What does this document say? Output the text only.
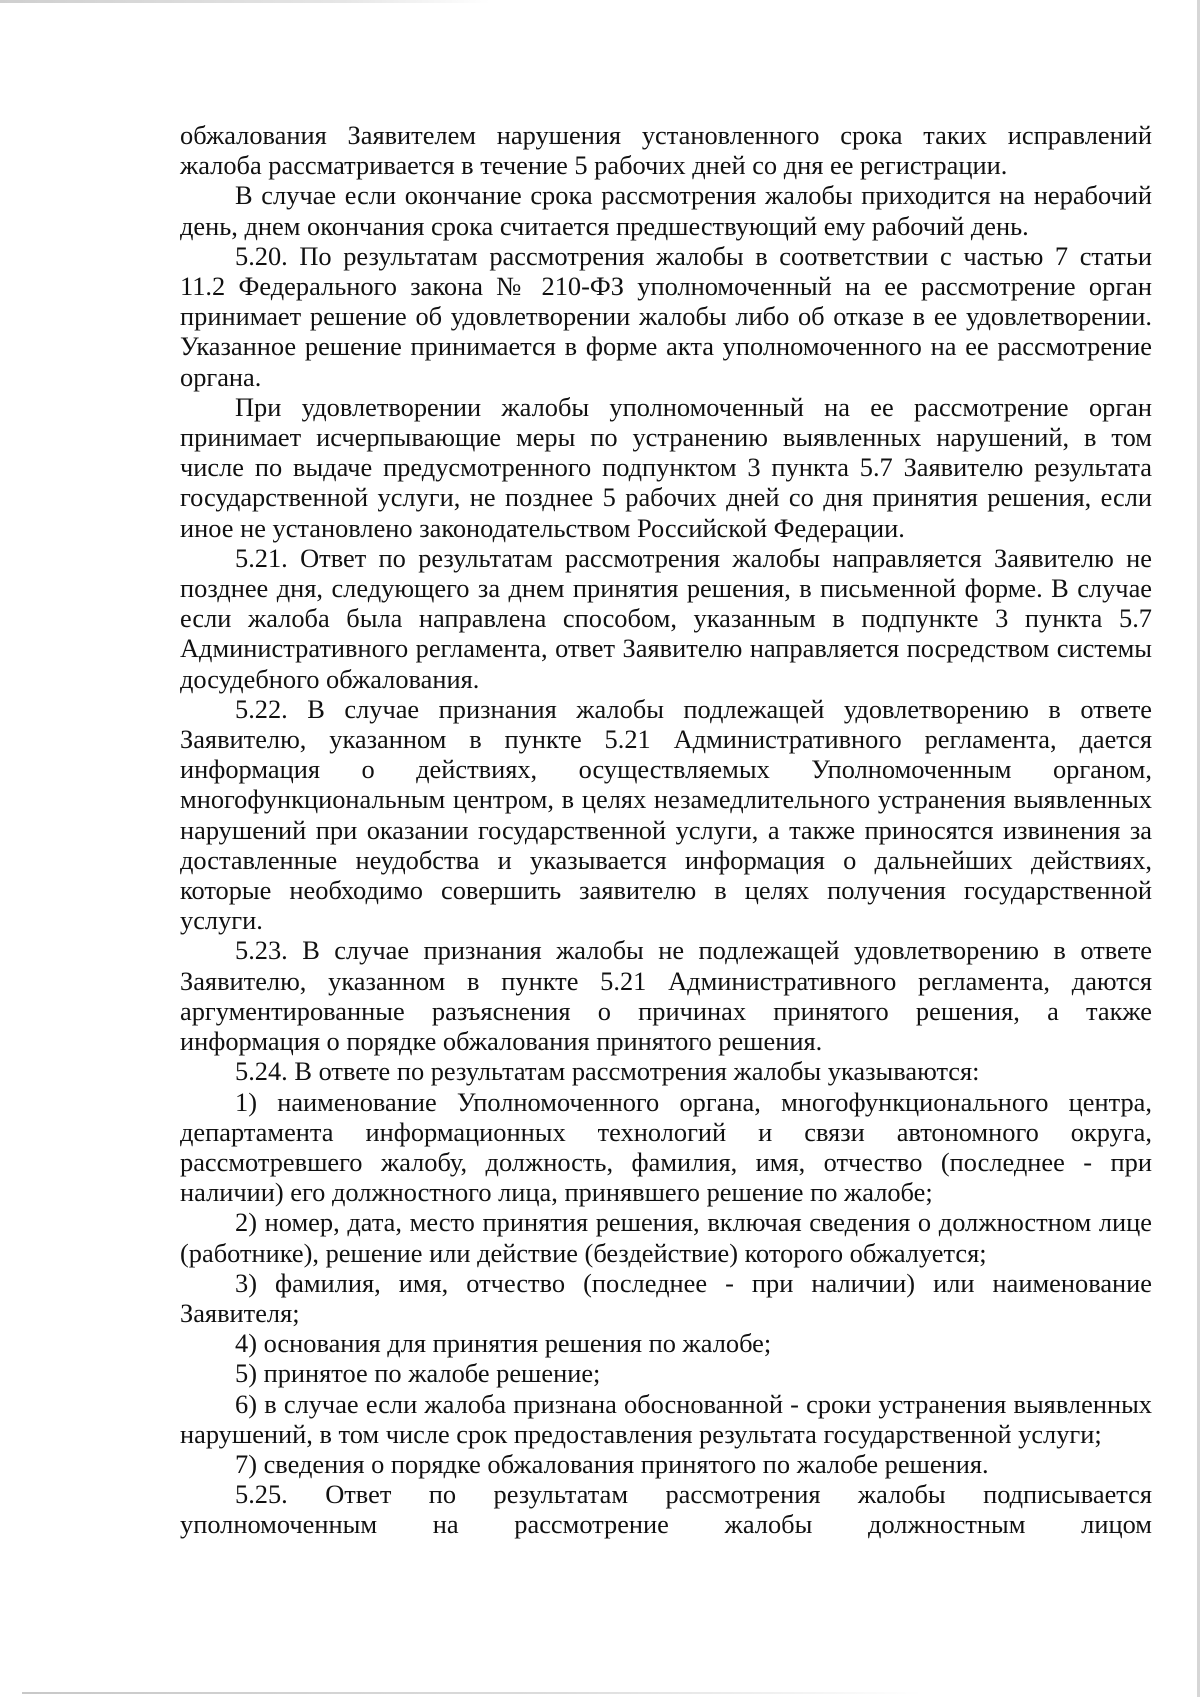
обжалования Заявителем нарушения установленного срока таких исправлений жалоба рассматривается в течение 5 рабочих дней со дня ее регистрации.

В случае если окончание срока рассмотрения жалобы приходится на нерабочий день, днем окончания срока считается предшествующий ему рабочий день.

5.20. По результатам рассмотрения жалобы в соответствии с частью 7 статьи 11.2 Федерального закона № 210-ФЗ уполномоченный на ее рассмотрение орган принимает решение об удовлетворении жалобы либо об отказе в ее удовлетворении. Указанное решение принимается в форме акта уполномоченного на ее рассмотрение органа.

При удовлетворении жалобы уполномоченный на ее рассмотрение орган принимает исчерпывающие меры по устранению выявленных нарушений, в том числе по выдаче предусмотренного подпунктом 3 пункта 5.7 Заявителю результата государственной услуги, не позднее 5 рабочих дней со дня принятия решения, если иное не установлено законодательством Российской Федерации.

5.21. Ответ по результатам рассмотрения жалобы направляется Заявителю не позднее дня, следующего за днем принятия решения, в письменной форме. В случае если жалоба была направлена способом, указанным в подпункте 3 пункта 5.7 Административного регламента, ответ Заявителю направляется посредством системы досудебного обжалования.

5.22. В случае признания жалобы подлежащей удовлетворению в ответе Заявителю, указанном в пункте 5.21 Административного регламента, дается информация о действиях, осуществляемых Уполномоченным органом, многофункциональным центром, в целях незамедлительного устранения выявленных нарушений при оказании государственной услуги, а также приносятся извинения за доставленные неудобства и указывается информация о дальнейших действиях, которые необходимо совершить заявителю в целях получения государственной услуги.

5.23. В случае признания жалобы не подлежащей удовлетворению в ответе Заявителю, указанном в пункте 5.21 Административного регламента, даются аргументированные разъяснения о причинах принятого решения, а также информация о порядке обжалования принятого решения.

5.24. В ответе по результатам рассмотрения жалобы указываются:

1) наименование Уполномоченного органа, многофункционального центра, департамента информационных технологий и связи автономного округа, рассмотревшего жалобу, должность, фамилия, имя, отчество (последнее - при наличии) его должностного лица, принявшего решение по жалобе;

2) номер, дата, место принятия решения, включая сведения о должностном лице (работнике), решение или действие (бездействие) которого обжалуется;

3) фамилия, имя, отчество (последнее - при наличии) или наименование Заявителя;

4) основания для принятия решения по жалобе;

5) принятое по жалобе решение;

6) в случае если жалоба признана обоснованной - сроки устранения выявленных нарушений, в том числе срок предоставления результата государственной услуги;

7) сведения о порядке обжалования принятого по жалобе решения.

5.25. Ответ по результатам рассмотрения жалобы подписывается уполномоченным на рассмотрение жалобы должностным лицом
